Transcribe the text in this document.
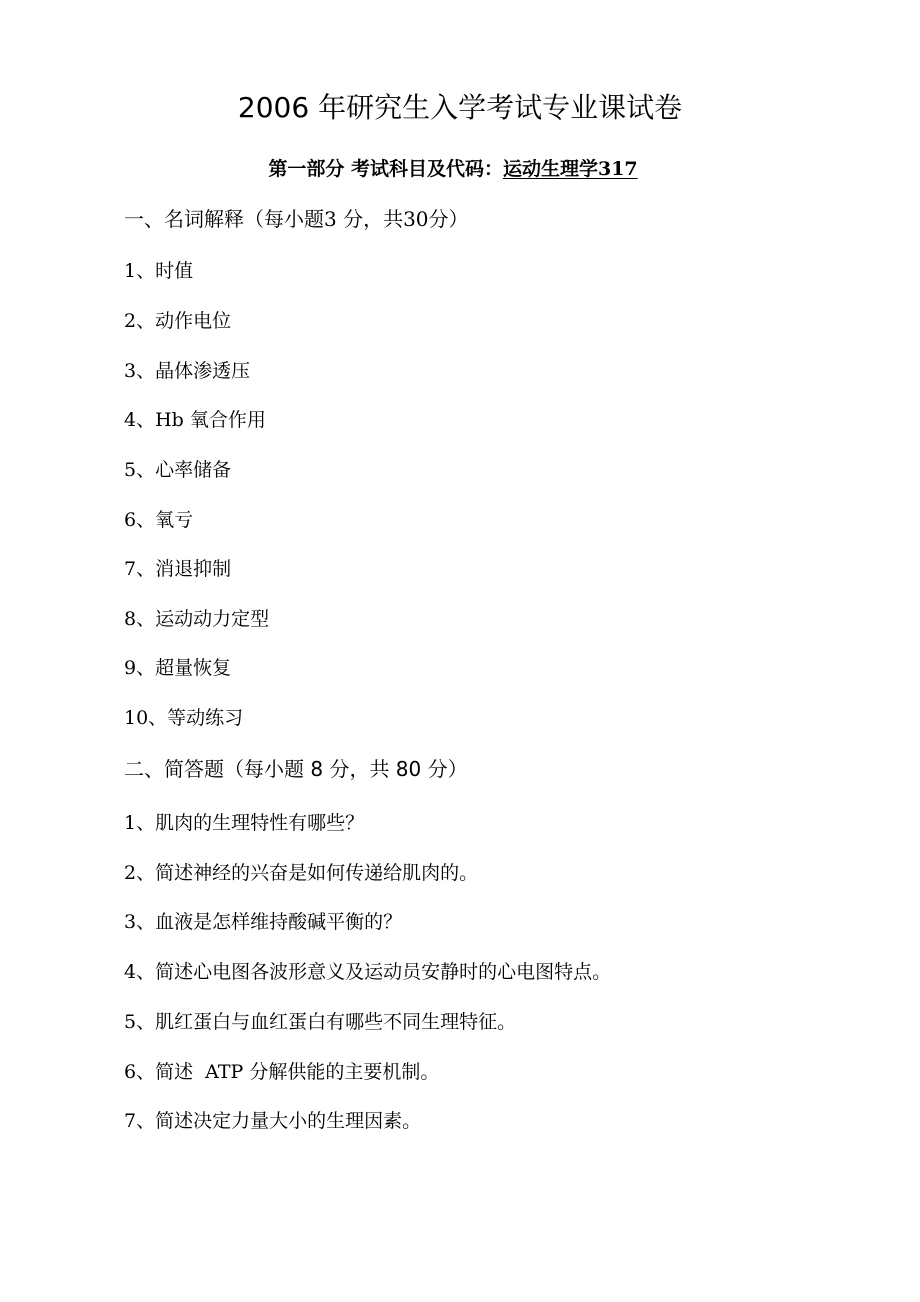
2006 年研究生入学考试专业课试卷
第一部分 考试科目及代码：运动生理学317
一、名词解释（每小题3 分，共30分）
1、时值
2、动作电位
3、晶体渗透压
4、Hb 氧合作用
5、心率储备
6、氧亏
7、消退抑制
8、运动动力定型
9、超量恢复
10、等动练习
二、简答题（每小题 8 分，共 80 分）
1、肌肉的生理特性有哪些？
2、简述神经的兴奋是如何传递给肌肉的。
3、血液是怎样维持酸碱平衡的？
4、简述心电图各波形意义及运动员安静时的心电图特点。
5、肌红蛋白与血红蛋白有哪些不同生理特征。
6、简述  ATP 分解供能的主要机制。
7、简述决定力量大小的生理因素。
